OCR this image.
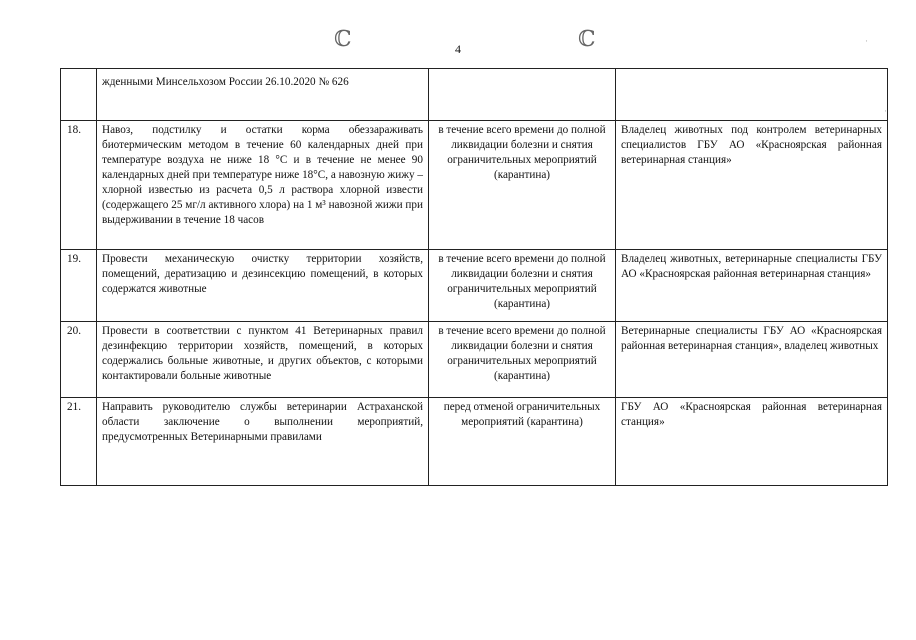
ℂ	ℂ
4
·
·
	жденными Минсельхозом России 26.10.2020 № 626		
18.	Навоз, подстилку и остатки корма обеззараживать биотермическим методом в течение 60 календарных дней при температуре воздуха не ниже 18 °С и в течение не менее 90 календарных дней при температуре ниже 18°С, а навозную жижу – хлорной известью из расчета 0,5 л раствора хлорной извести (содержащего 25 мг/л активного хлора) на 1 м³ навозной жижи при выдерживании в течение 18 часов	в течение всего времени до полной ликвидации болезни и снятия ограничительных мероприятий (карантина)	Владелец животных под контролем ветеринарных специалистов ГБУ АО «Красноярская районная ветеринарная станция»
19.	Провести механическую очистку территории хозяйств, помещений, дератизацию и дезинсекцию помещений, в которых содержатся животные	в течение всего времени до полной ликвидации болезни и снятия ограничительных мероприятий (карантина)	Владелец животных, ветеринарные специалисты ГБУ АО «Красноярская районная ветеринарная станция»
20.	Провести в соответствии с пунктом 41 Ветеринарных правил дезинфекцию территории хозяйств, помещений, в которых содержались больные животные, и других объектов, с которыми контактировали больные животные	в течение всего времени до полной ликвидации болезни и снятия ограничительных мероприятий (карантина)	Ветеринарные специалисты ГБУ АО «Красноярская районная ветеринарная станция», владелец животных
21.	Направить руководителю службы ветеринарии Астраханской области заключение о выполнении мероприятий, предусмотренных Ветеринарными правилами	перед отменой ограничительных мероприятий (карантина)	ГБУ АО «Красноярская районная ветеринарная станция»
